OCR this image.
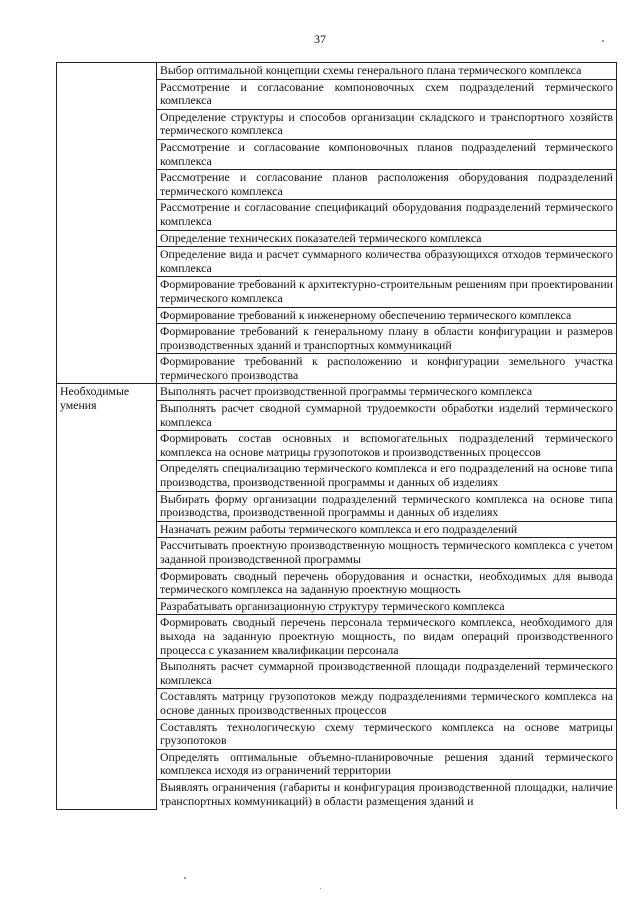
37
	Выбор оптимальной концепции схемы генерального плана термического комплекса
	Рассмотрение и согласование компоновочных схем подразделений термического комплекса
	Определение структуры и способов организации складского и транспортного хозяйств термического комплекса
	Рассмотрение и согласование компоновочных планов подразделений термического комплекса
	Рассмотрение и согласование планов расположения оборудования подразделений термического комплекса
	Рассмотрение и согласование спецификаций оборудования подразделений термического комплекса
	Определение технических показателей термического комплекса
	Определение вида и расчет суммарного количества образующихся отходов термического комплекса
	Формирование требований к архитектурно-строительным решениям при проектировании термического комплекса
	Формирование требований к инженерному обеспечению термического комплекса
	Формирование требований к генеральному плану в области конфигурации и размеров производственных зданий и транспортных коммуникаций
	Формирование требований к расположению и конфигурации земельного участка термического производства
Необходимые умения	Выполнять расчет производственной программы термического комплекса
	Выполнять расчет сводной суммарной трудоемкости обработки изделий термического комплекса
	Формировать состав основных и вспомогательных подразделений термического комплекса на основе матрицы грузопотоков и производственных процессов
	Определять специализацию термического комплекса и его подразделений на основе типа производства, производственной программы и данных об изделиях
	Выбирать форму организации подразделений термического комплекса на основе типа производства, производственной программы и данных об изделиях
	Назначать режим работы термического комплекса и его подразделений
	Рассчитывать проектную производственную мощность термического комплекса с учетом заданной производственной программы
	Формировать сводный перечень оборудования и оснастки, необходимых для вывода термического комплекса на заданную проектную мощность
	Разрабатывать организационную структуру термического комплекса
	Формировать сводный перечень персонала термического комплекса, необходимого для выхода на заданную проектную мощность, по видам операций производственного процесса с указанием квалификации персонала
	Выполнять расчет суммарной производственной площади подразделений термического комплекса
	Составлять матрицу грузопотоков между подразделениями термического комплекса на основе данных производственных процессов
	Составлять технологическую схему термического комплекса на основе матрицы грузопотоков
	Определять оптимальные объемно-планировочные решения зданий термического комплекса исходя из ограничений территории
	Выявлять ограничения (габариты и конфигурация производственной площадки, наличие транспортных коммуникаций) в области размещения зданий и
